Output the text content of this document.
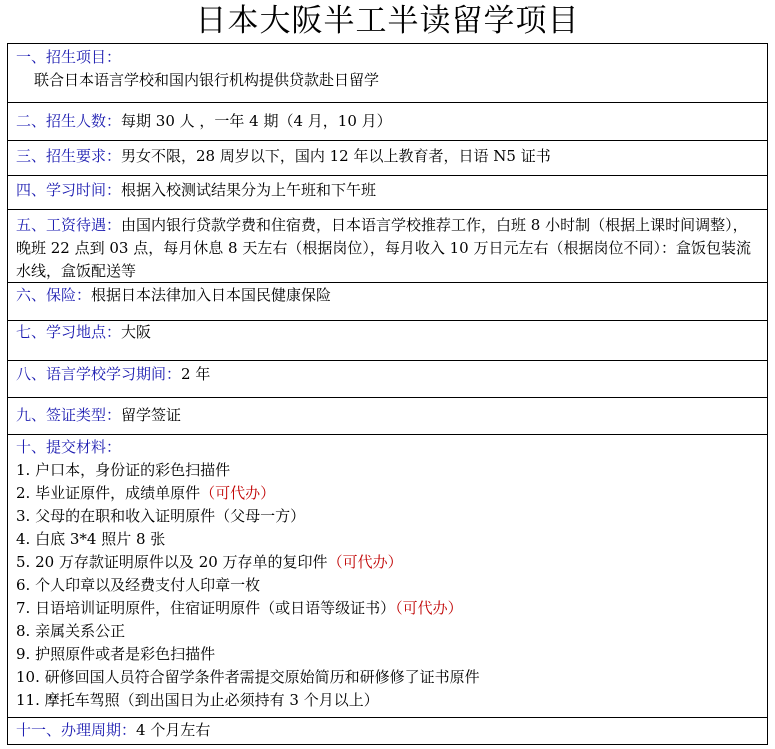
日本大阪半工半读留学项目
一、招生项目：
联合日本语言学校和国内银行机构提供贷款赴日留学
二、招生人数：每期 30 人 ，一年 4 期（4 月，10 月）
三、招生要求：男女不限，28 周岁以下，国内 12 年以上教育者，日语 N5 证书
四、学习时间：根据入校测试结果分为上午班和下午班
五、工资待遇：由国内银行贷款学费和住宿费，日本语言学校推荐工作，白班 8 小时制（根据上课时间调整），晚班 22 点到 03 点，每月休息 8 天左右（根据岗位），每月收入 10 万日元左右（根据岗位不同）：盒饭包装流水线，盒饭配送等
六、保险：根据日本法律加入日本国民健康保险
七、学习地点：大阪
八、语言学校学习期间：2 年
九、签证类型：留学签证
十、提交材料：
1. 户口本，身份证的彩色扫描件
2. 毕业证原件，成绩单原件（可代办）
3. 父母的在职和收入证明原件（父母一方）
4. 白底 3*4 照片 8 张
5. 20 万存款证明原件以及 20 万存单的复印件（可代办）
6. 个人印章以及经费支付人印章一枚
7. 日语培训证明原件，住宿证明原件（或日语等级证书）（可代办）
8. 亲属关系公正
9. 护照原件或者是彩色扫描件
10. 研修回国人员符合留学条件者需提交原始简历和研修修了证书原件
11. 摩托车驾照（到出国日为止必须持有 3 个月以上）
十一、办理周期：4 个月左右
